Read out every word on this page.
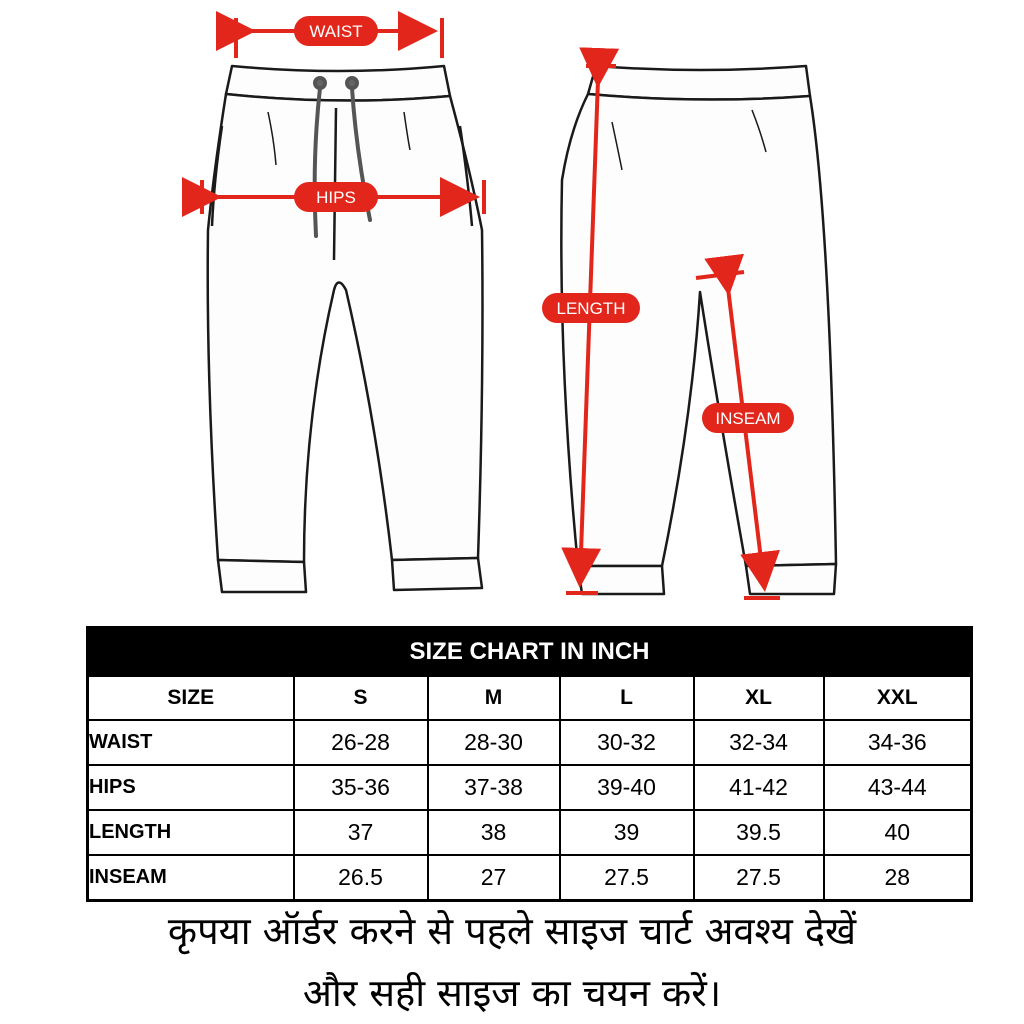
WAIST
HIPS
LENGTH
INSEAM
SIZE CHART IN INCH					
SIZE	S	M	L	XL	XXL
WAIST	26-28	28-30	30-32	32-34	34-36
HIPS	35-36	37-38	39-40	41-42	43-44
LENGTH	37	38	39	39.5	40
INSEAM	26.5	27	27.5	27.5	28
कृपया ऑर्डर करने से पहले साइज चार्ट अवश्य देखें
और सही साइज का चयन करें।
